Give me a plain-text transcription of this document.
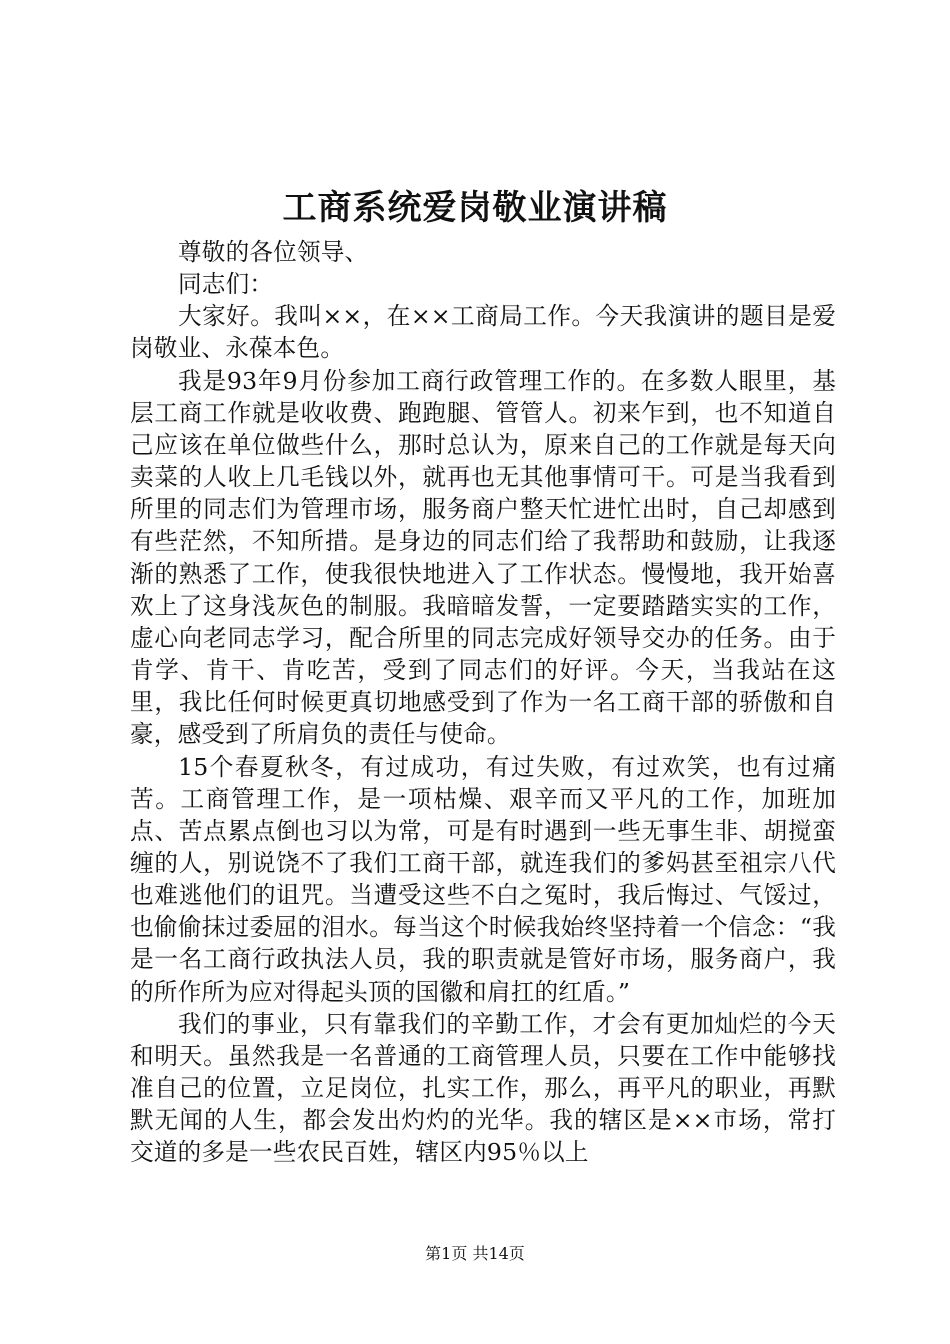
工商系统爱岗敬业演讲稿

尊敬的各位领导、

同志们：

大家好。我叫××，在××工商局工作。今天我演讲的题目是爱岗敬业、永葆本色。

我是93年9月份参加工商行政管理工作的。在多数人眼里，基层工商工作就是收收费、跑跑腿、管管人。初来乍到，也不知道自己应该在单位做些什么，那时总认为，原来自己的工作就是每天向卖菜的人收上几毛钱以外，就再也无其他事情可干。可是当我看到所里的同志们为管理市场，服务商户整天忙进忙出时，自己却感到有些茫然，不知所措。是身边的同志们给了我帮助和鼓励，让我逐渐的熟悉了工作，使我很快地进入了工作状态。慢慢地，我开始喜欢上了这身浅灰色的制服。我暗暗发誓，一定要踏踏实实的工作，虚心向老同志学习，配合所里的同志完成好领导交办的任务。由于肯学、肯干、肯吃苦，受到了同志们的好评。今天，当我站在这里，我比任何时候更真切地感受到了作为一名工商干部的骄傲和自豪，感受到了所肩负的责任与使命。

15个春夏秋冬，有过成功，有过失败，有过欢笑，也有过痛苦。工商管理工作，是一项枯燥、艰辛而又平凡的工作，加班加点、苦点累点倒也习以为常，可是有时遇到一些无事生非、胡搅蛮缠的人，别说饶不了我们工商干部，就连我们的爹妈甚至祖宗八代也难逃他们的诅咒。当遭受这些不白之冤时，我后悔过、气馁过，也偷偷抹过委屈的泪水。每当这个时候我始终坚持着一个信念：“我是一名工商行政执法人员，我的职责就是管好市场，服务商户，我的所作所为应对得起头顶的国徽和肩扛的红盾。”

我们的事业，只有靠我们的辛勤工作，才会有更加灿烂的今天和明天。虽然我是一名普通的工商管理人员，只要在工作中能够找准自己的位置，立足岗位，扎实工作，那么，再平凡的职业，再默默无闻的人生，都会发出灼灼的光华。我的辖区是××市场，常打交道的多是一些农民百姓，辖区内95％以上

第1页 共14页
